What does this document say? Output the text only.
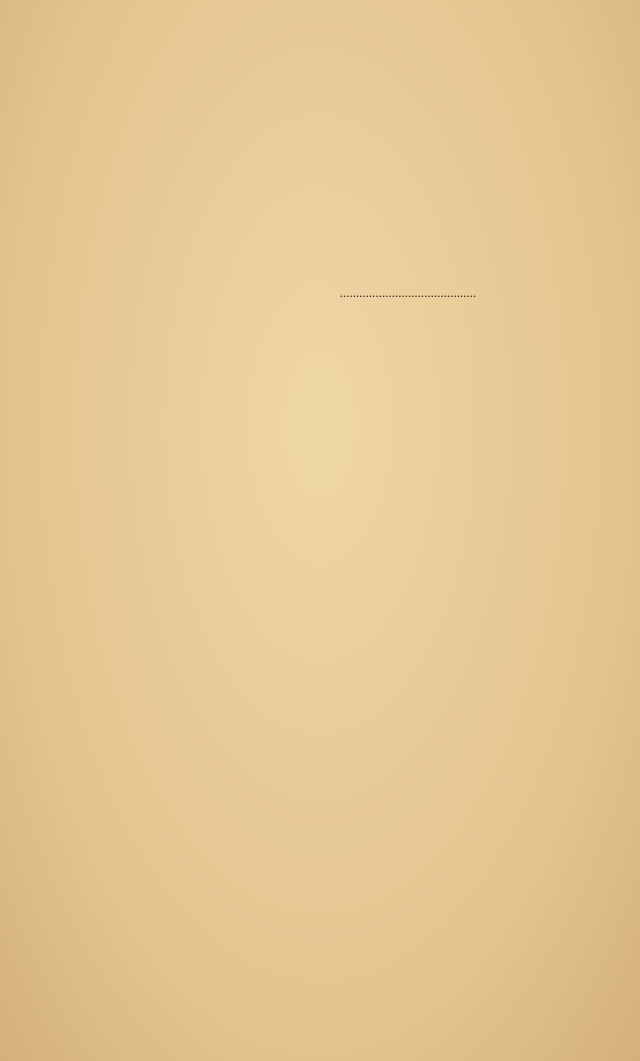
..........................................
